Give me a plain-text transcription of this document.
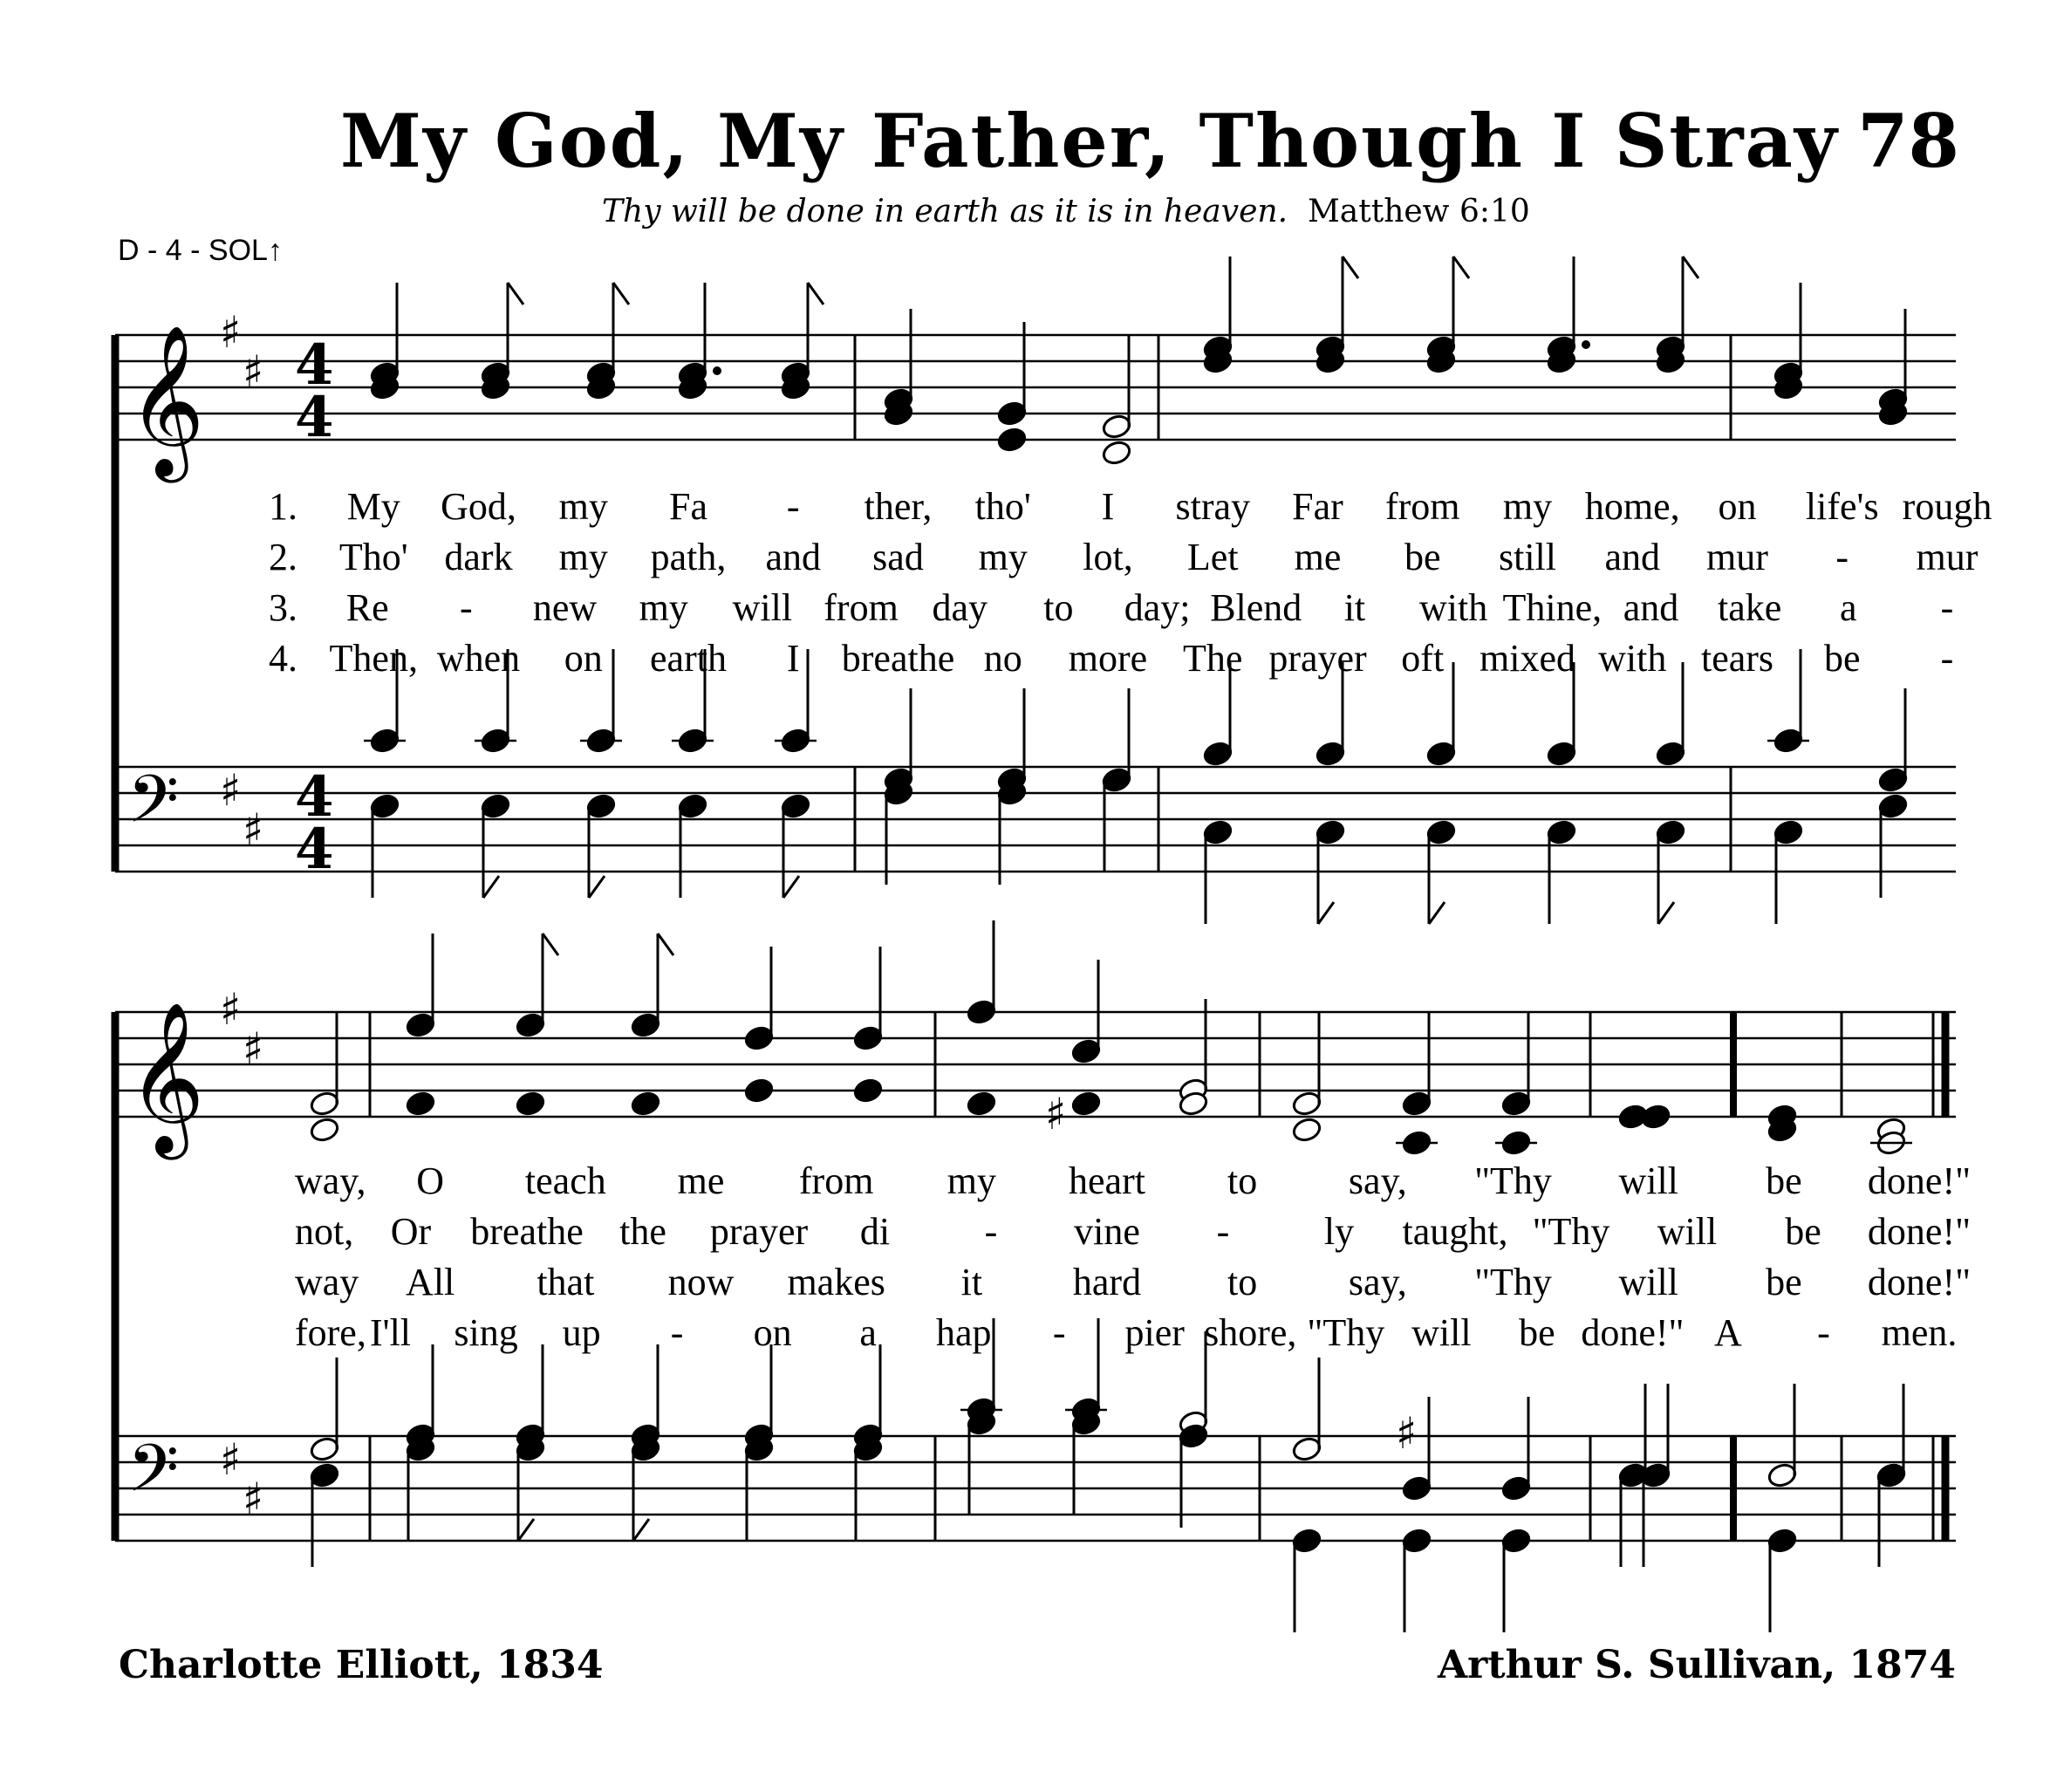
My God, My Father, Though I Stray 78
Thy will be done in earth as it is in heaven. Matthew 6:10
D - 4 - SOL↑
Charlotte Elliott, 1834	Arthur S. Sullivan, 1874
𝄞 ♯
♯
𝄢 ♯
♯
𝄞 ♯
♯
𝄢 ♯
♯
4
4
4
4
♯
♯
1. My God, my Fa - ther, tho' I stray Far from my home, on life's rough
2. Tho' dark my path, and sad my lot, Let me be still and mur - mur
3. Re - new my will from day to day; Blend it with Thine, and take a -
4. Then, when on earth I breathe no more The prayer oft mixed with tears be -
way, O teach me from my heart to say, "Thy will be done!"
not, Or breathe the prayer di - vine - ly taught, "Thy will be done!"
way All that now makes it hard to say, "Thy will be done!"
fore, I'll sing up - on a hap - pier shore, "Thy will be done!" A - men.
